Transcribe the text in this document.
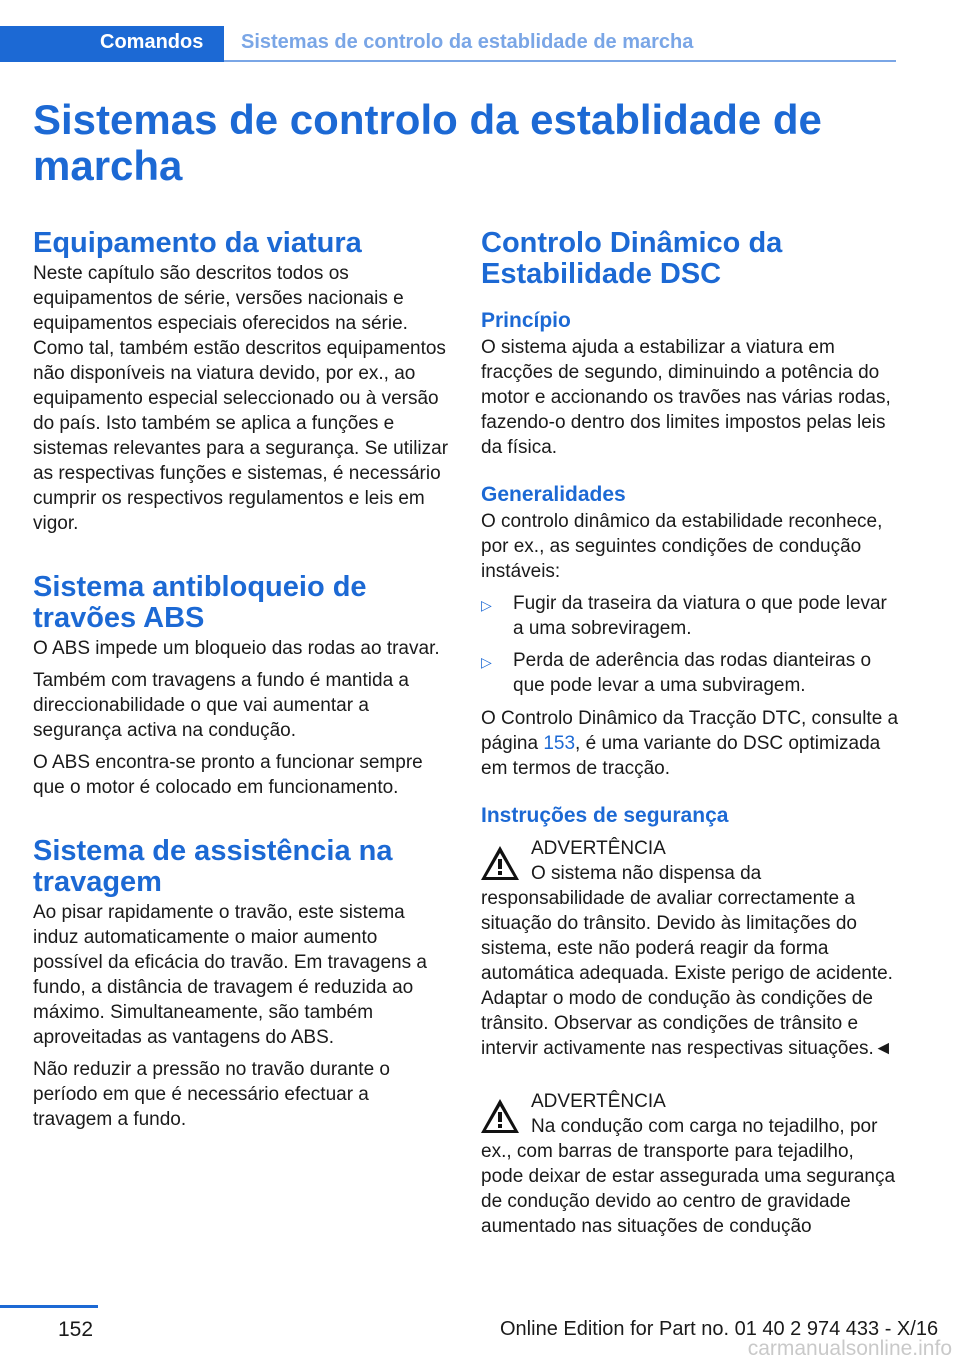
Comandos Sistemas de controlo da establidade de marcha
Sistemas de controlo da establidade de marcha
Equipamento da viatura

Neste capítulo são descritos todos os equipamentos de série, versões nacionais e equipamentos especiais oferecidos na série. Como tal, também estão descritos equipamentos não disponíveis na viatura devido, por ex., ao equipamento especial seleccionado ou à versão do país. Isto também se aplica a funções e sistemas relevantes para a segurança. Se utilizar as respectivas funções e sistemas, é necessário cumprir os respectivos regulamentos e leis em vigor.

Sistema antibloqueio de travões ABS

O ABS impede um bloqueio das rodas ao travar.

Também com travagens a fundo é mantida a direccionabilidade o que vai aumentar a segurança activa na condução.

O ABS encontra-se pronto a funcionar sempre que o motor é colocado em funcionamento.

Sistema de assistência na travagem

Ao pisar rapidamente o travão, este sistema induz automaticamente o maior aumento possível da eficácia do travão. Em travagens a fundo, a distância de travagem é reduzida ao máximo. Simultaneamente, são também aproveitadas as vantagens do ABS.

Não reduzir a pressão no travão durante o período em que é necessário efectuar a travagem a fundo.

Controlo Dinâmico da Estabilidade DSC
Princípio

O sistema ajuda a estabilizar a viatura em fracções de segundo, diminuindo a potência do motor e accionando os travões nas várias rodas, fazendo-o dentro dos limites impostos pelas leis da física.

Generalidades

O controlo dinâmico da estabilidade reconhece, por ex., as seguintes condições de condução instáveis:

▷ Fugir da traseira da viatura o que pode levar a uma sobreviragem.
▷ Perda de aderência das rodas dianteiras o que pode levar a uma subviragem.

O Controlo Dinâmico da Tracção DTC, consulte a página 153, é uma variante do DSC optimizada em termos de tracção.

Instruções de segurança
ADVERTÊNCIA
O sistema não dispensa da responsabilidade de avaliar correctamente a situação do trânsito. Devido às limitações do sistema, este não poderá reagir da forma automática adequada. Existe perigo de acidente. Adaptar o modo de condução às condições de trânsito. Observar as condições de trânsito e intervir activamente nas respectivas situações.◄
ADVERTÊNCIA
Na condução com carga no tejadilho, por ex., com barras de transporte para tejadilho, pode deixar de estar assegurada uma segurança de condução devido ao centro de gravidade aumentado nas situações de condução
152	Online Edition for Part no. 01 40 2 974 433 - X/16
carmanualsonline.info
